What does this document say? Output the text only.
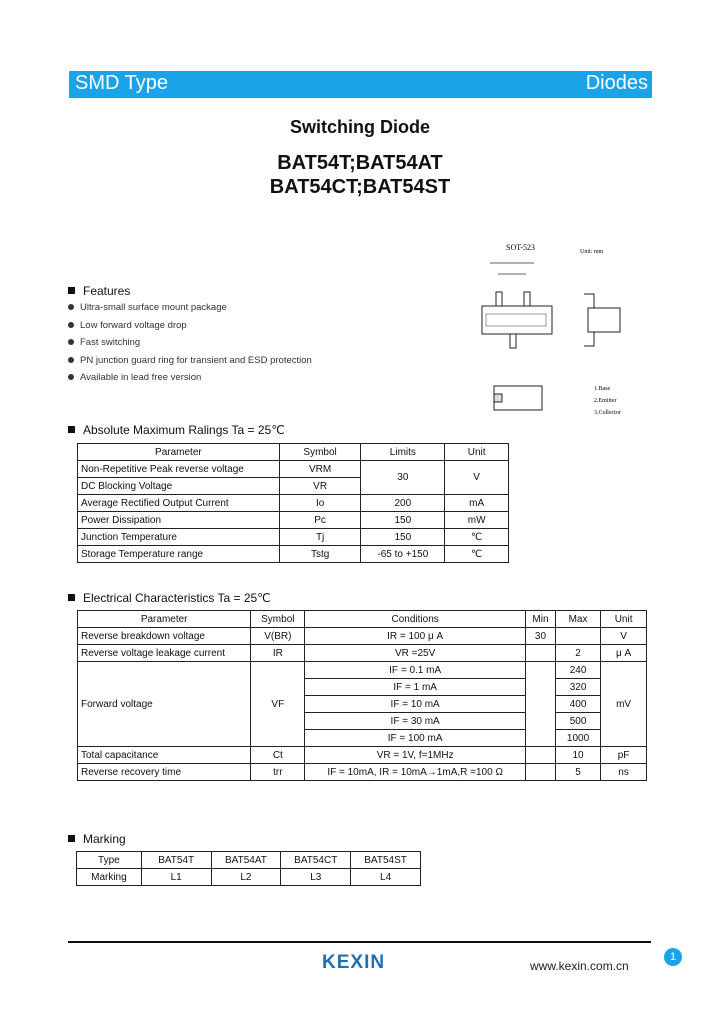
SMD Type	Diodes
Switching Diode
BAT54T;BAT54AT
BAT54CT;BAT54ST
Features
Ultra-small surface mount package
Low forward voltage drop
Fast switching
PN junction guard ring for transient and ESD protection
Available in lead free version
SOT-523	Unit: mm
1.Base
2.Emitter
3.Collector
Absolute Maximum Ralings Ta = 25℃
Parameter	Symbol	Limits	Unit
Non-Repetitive Peak reverse voltage	VRM	30	V
DC Blocking Voltage	VR		
Average Rectified Output Current	Io	200	mA
Power Dissipation	Pc	150	mW
Junction Temperature	Tj	150	℃
Storage Temperature range	Tstg	-65 to +150	℃
Electrical Characteristics Ta = 25℃
Parameter	Symbol	Conditions	Min	Max	Unit
Reverse breakdown voltage	V(BR)	IR = 100 μ A	30		V
Reverse voltage leakage current	IR	VR =25V		2	μ A
Forward voltage	VF	IF = 0.1 mA		240	mV
		IF = 1 mA		320	
		IF = 10 mA		400	
		IF = 30 mA		500	
		IF = 100 mA		1000	
Total capacitance	Ct	VR = 1V, f=1MHz		10	pF
Reverse recovery time	trr	IF = 10mA, IR = 10mA→1mA,R =100 Ω		5	ns
Marking
Type	BAT54T	BAT54AT	BAT54CT	BAT54ST
Marking	L1	L2	L3	L4
KEXIN	www.kexin.com.cn
1
